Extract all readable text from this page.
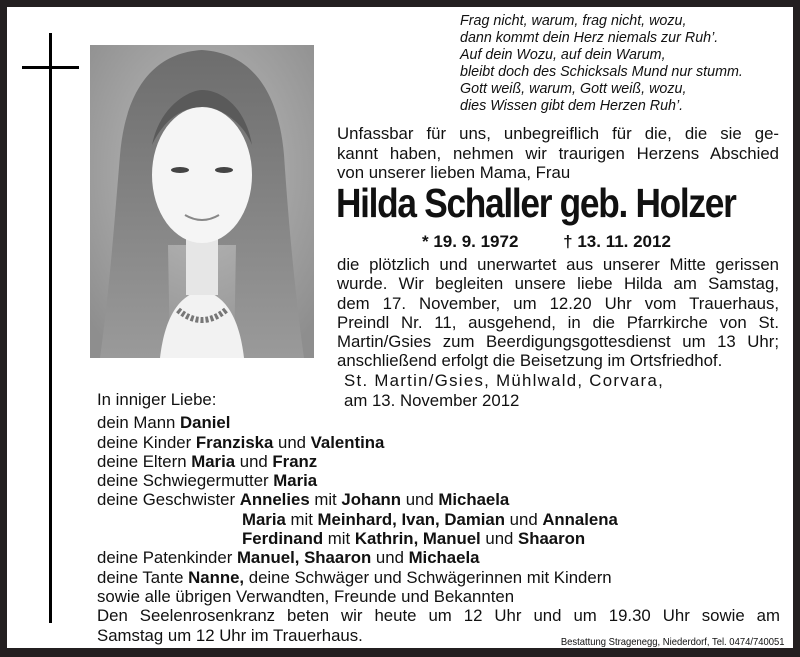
Frag nicht, warum, frag nicht, wozu,
dann kommt dein Herz niemals zur Ruh’.
Auf dein Wozu, auf dein Warum,
bleibt doch des Schicksals Mund nur stumm.
Gott weiß, warum, Gott weiß, wozu,
dies Wissen gibt dem Herzen Ruh’.
Unfassbar für uns, unbegreiflich für die, die sie ge-
kannt haben, nehmen wir traurigen Herzens Abschied
von unserer lieben Mama, Frau
Hilda Schaller geb. Holzer
* 19. 9. 1972	† 13. 11. 2012
die plötzlich und unerwartet aus unserer Mitte gerissen
wurde. Wir begleiten unsere liebe Hilda am Samstag,
dem 17. November, um 12.20 Uhr vom Trauerhaus,
Preindl Nr. 11, ausgehend, in die Pfarrkirche von St.
Martin/Gsies zum Beerdigungsgottesdienst um 13 Uhr;
anschließend erfolgt die Beisetzung im Ortsfriedhof.
St. Martin/Gsies, Mühlwald, Corvara,
am 13. November 2012
In inniger Liebe:
dein Mann Daniel
deine Kinder Franziska und Valentina
deine Eltern Maria und Franz
deine Schwiegermutter Maria
deine Geschwister Annelies mit Johann und Michaela
Maria mit Meinhard, Ivan, Damian und Annalena
Ferdinand mit Kathrin, Manuel und Shaaron
deine Patenkinder Manuel, Shaaron und Michaela
deine Tante Nanne, deine Schwäger und Schwägerinnen mit Kindern
sowie alle übrigen Verwandten, Freunde und Bekannten
Den Seelenrosenkranz beten wir heute um 12 Uhr und um 19.30 Uhr sowie am
Samstag um 12 Uhr im Trauerhaus.	Bestattung Stragenegg, Niederdorf, Tel. 0474/740051
